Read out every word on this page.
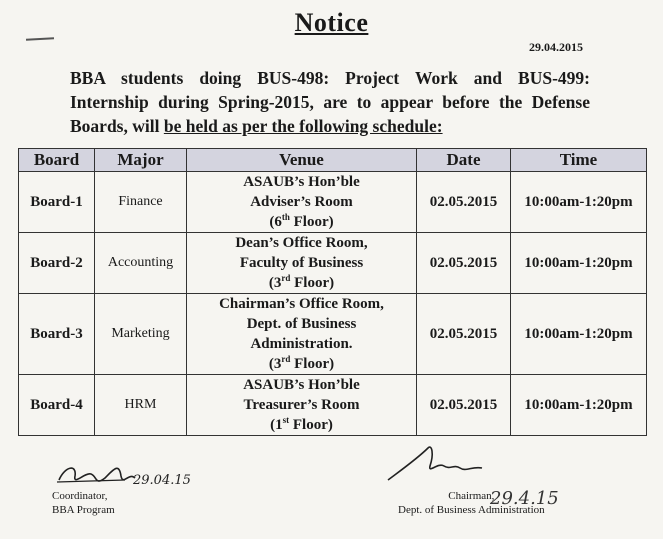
Notice
29.04.2015
BBA students doing BUS-498: Project Work and BUS-499: Internship during Spring-2015, are to appear before the Defense Boards, will be held as per the following schedule:
Board	Major	Venue	Date	Time
Board-1	Finance	ASAUB’s Hon’ble
Adviser’s Room
(6th Floor)	02.05.2015	10:00am-1:20pm
Board-2	Accounting	Dean’s Office Room,
Faculty of Business
(3rd Floor)	02.05.2015	10:00am-1:20pm
Board-3	Marketing	Chairman’s Office Room,
Dept. of Business
Administration.
(3rd Floor)	02.05.2015	10:00am-1:20pm
Board-4	HRM	ASAUB’s Hon’ble
Treasurer’s Room
(1st Floor)	02.05.2015	10:00am-1:20pm
29.04.15
Coordinator,
BBA Program
29.4.15
Chairman,
Dept. of Business Administration
